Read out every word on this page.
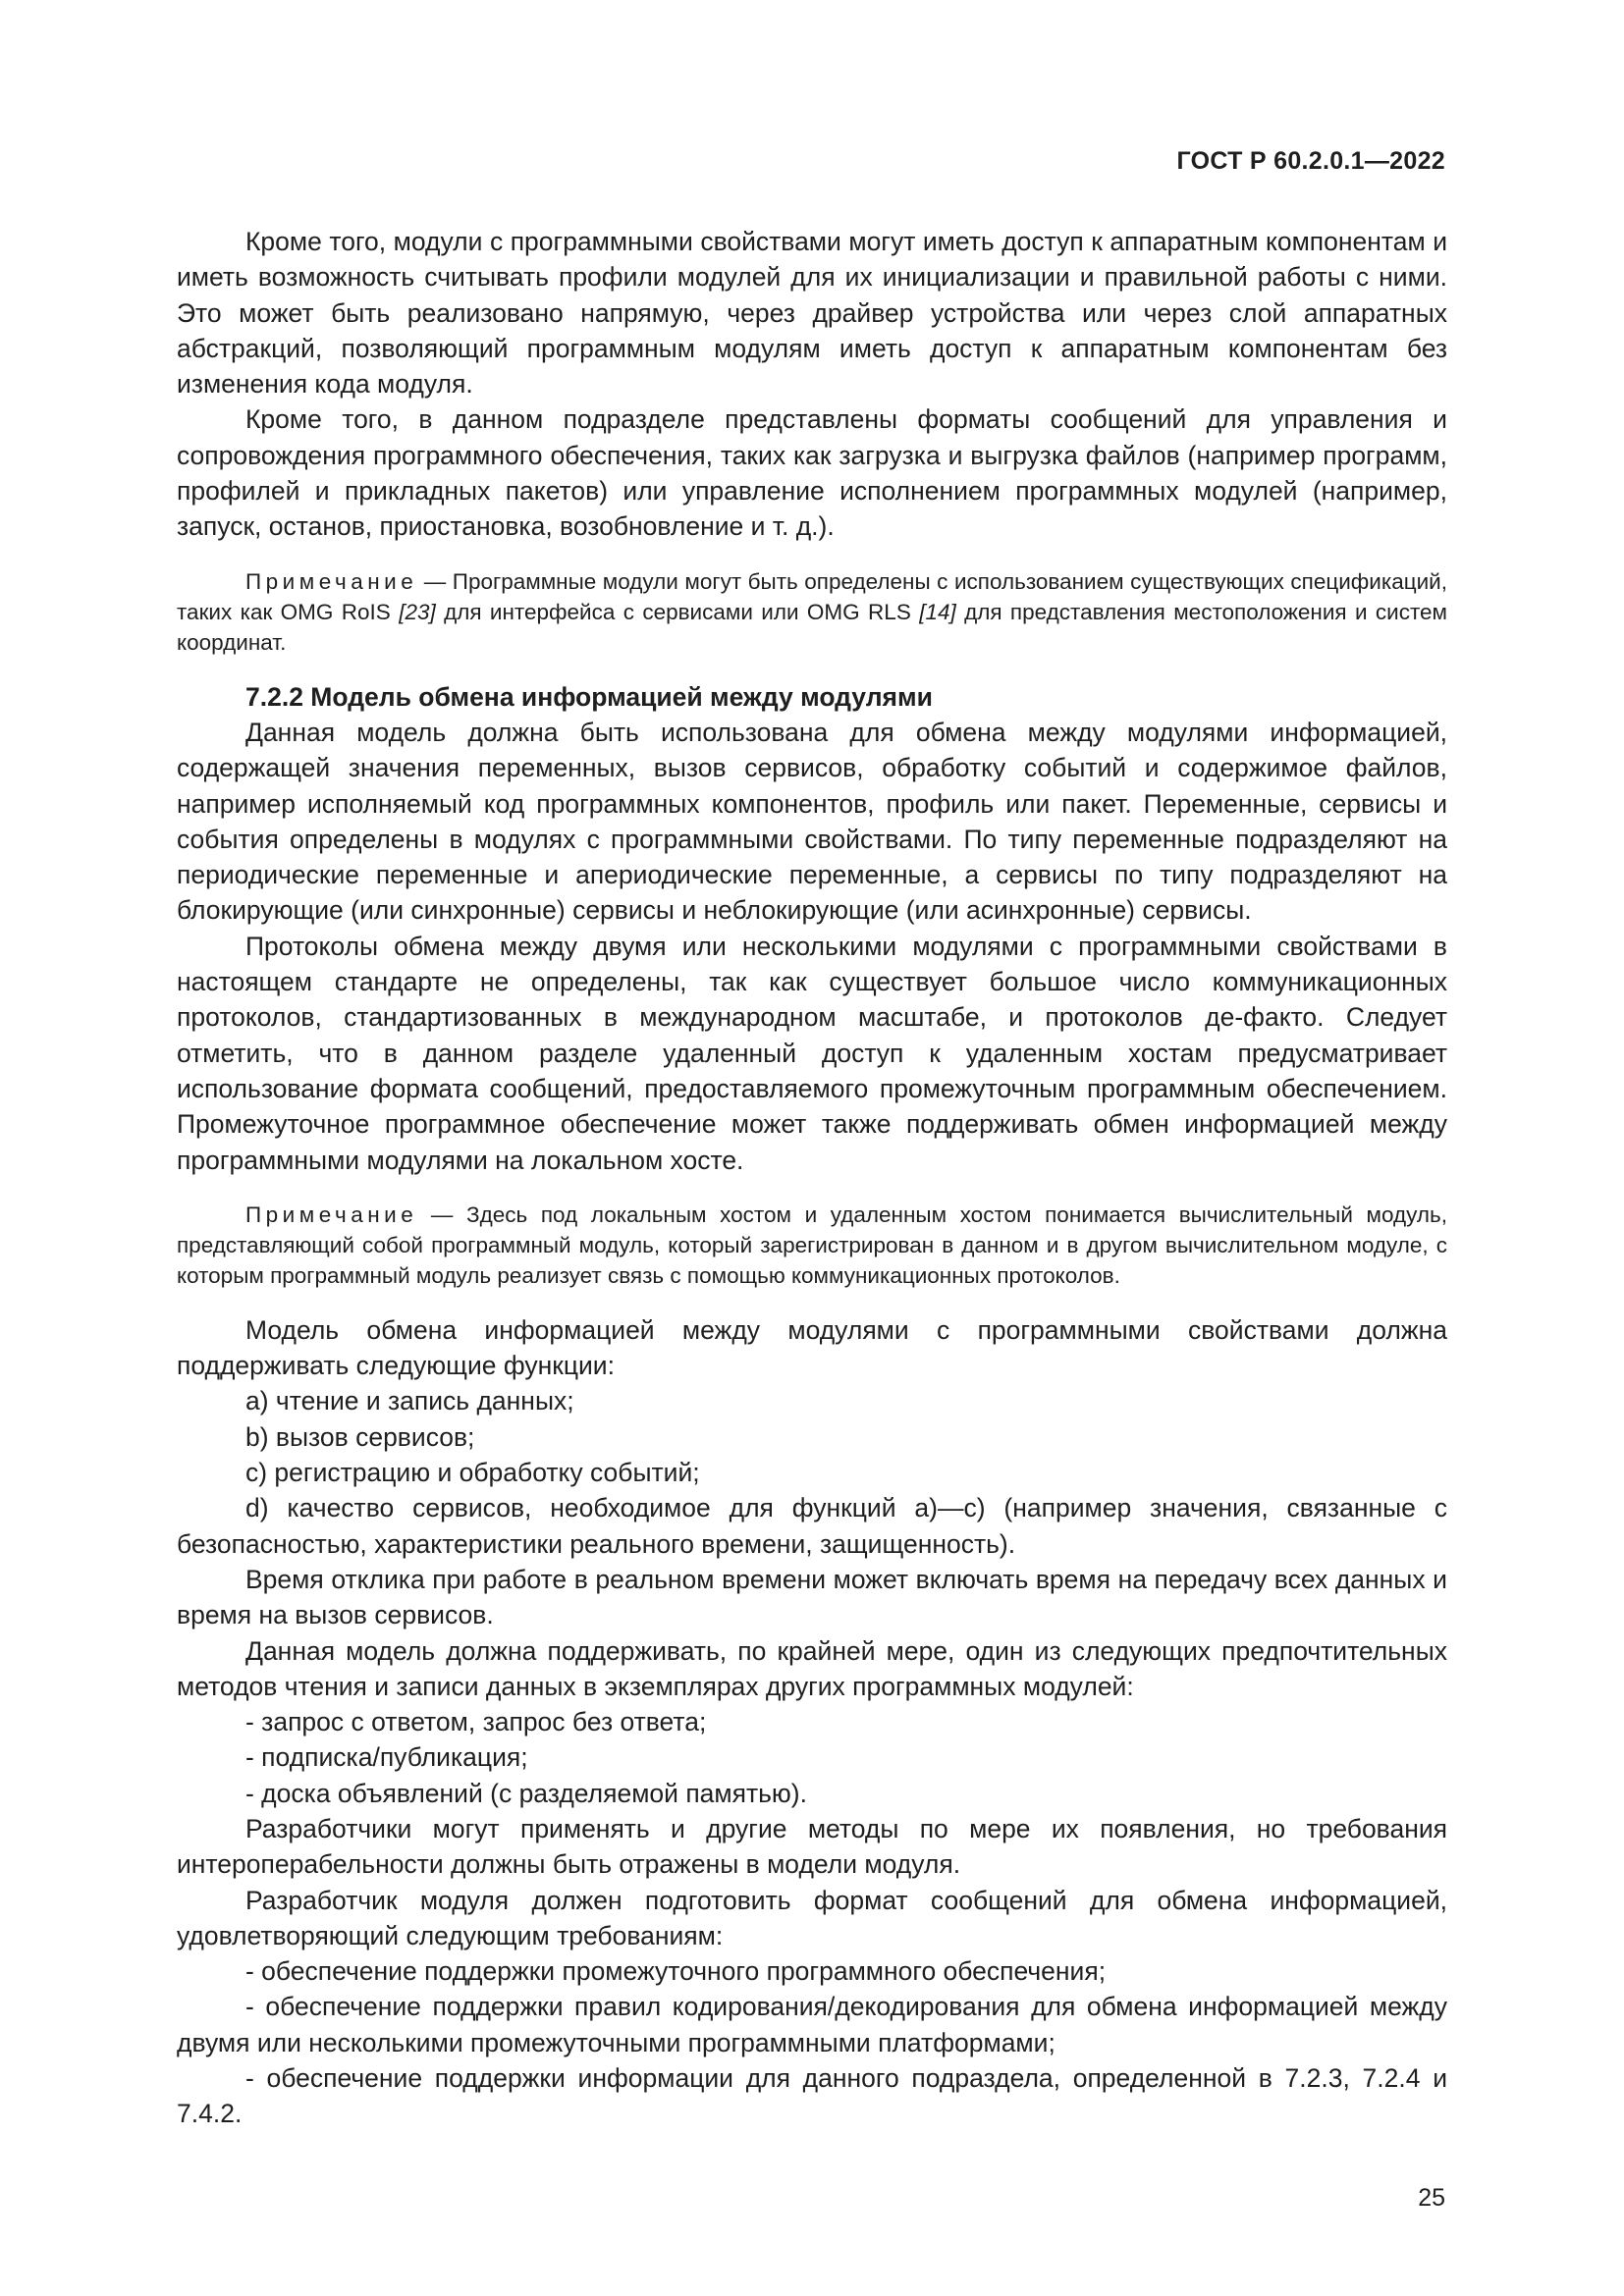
ГОСТ Р 60.2.0.1—2022

Кроме того, модули с программными свойствами могут иметь доступ к аппаратным компонентам и иметь возможность считывать профили модулей для их инициализации и правильной работы с ними. Это может быть реализовано напрямую, через драйвер устройства или через слой аппаратных абстракций, позволяющий программным модулям иметь доступ к аппаратным компонентам без изменения кода модуля.

Кроме того, в данном подразделе представлены форматы сообщений для управления и сопровождения программного обеспечения, таких как загрузка и выгрузка файлов (например программ, профилей и прикладных пакетов) или управление исполнением программных модулей (например, запуск, останов, приостановка, возобновление и т. д.).

Примечание — Программные модули могут быть определены с использованием существующих спецификаций, таких как OMG RoIS [23] для интерфейса с сервисами или OMG RLS [14] для представления местоположения и систем координат.

7.2.2 Модель обмена информацией между модулями

Данная модель должна быть использована для обмена между модулями информацией, содержащей значения переменных, вызов сервисов, обработку событий и содержимое файлов, например исполняемый код программных компонентов, профиль или пакет. Переменные, сервисы и события определены в модулях с программными свойствами. По типу переменные подразделяют на периодические переменные и апериодические переменные, а сервисы по типу подразделяют на блокирующие (или синхронные) сервисы и неблокирующие (или асинхронные) сервисы.

Протоколы обмена между двумя или несколькими модулями с программными свойствами в настоящем стандарте не определены, так как существует большое число коммуникационных протоколов, стандартизованных в международном масштабе, и протоколов де-факто. Следует отметить, что в данном разделе удаленный доступ к удаленным хостам предусматривает использование формата сообщений, предоставляемого промежуточным программным обеспечением. Промежуточное программное обеспечение может также поддерживать обмен информацией между программными модулями на локальном хосте.

Примечание — Здесь под локальным хостом и удаленным хостом понимается вычислительный модуль, представляющий собой программный модуль, который зарегистрирован в данном и в другом вычислительном модуле, с которым программный модуль реализует связь с помощью коммуникационных протоколов.

Модель обмена информацией между модулями с программными свойствами должна поддерживать следующие функции:

a) чтение и запись данных;

b) вызов сервисов;

c) регистрацию и обработку событий;

d) качество сервисов, необходимое для функций a)—c) (например значения, связанные с безопасностью, характеристики реального времени, защищенность).

Время отклика при работе в реальном времени может включать время на передачу всех данных и время на вызов сервисов.

Данная модель должна поддерживать, по крайней мере, один из следующих предпочтительных методов чтения и записи данных в экземплярах других программных модулей:

- запрос с ответом, запрос без ответа;

- подписка/публикация;

- доска объявлений (с разделяемой памятью).

Разработчики могут применять и другие методы по мере их появления, но требования интероперабельности должны быть отражены в модели модуля.

Разработчик модуля должен подготовить формат сообщений для обмена информацией, удовлетворяющий следующим требованиям:

- обеспечение поддержки промежуточного программного обеспечения;

- обеспечение поддержки правил кодирования/декодирования для обмена информацией между двумя или несколькими промежуточными программными платформами;

- обеспечение поддержки информации для данного подраздела, определенной в 7.2.3, 7.2.4 и 7.4.2.

25
